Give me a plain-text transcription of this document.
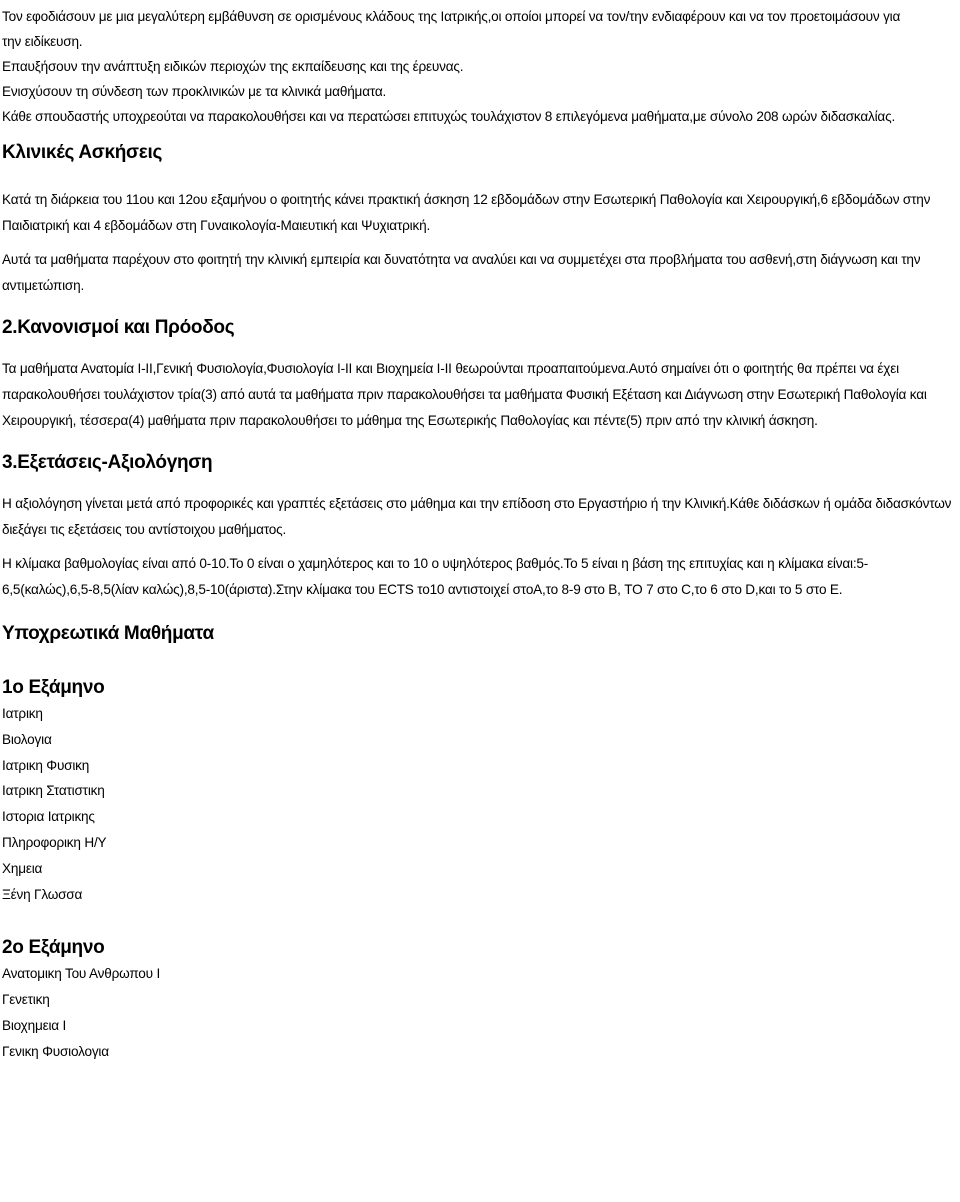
Τον εφοδιάσουν με μια μεγαλύτερη εμβάθυνση σε ορισμένους κλάδους της Ιατρικής,οι οποίοι μπορεί να τον/την ενδιαφέρουν και να τον προετοιμάσουν για
την ειδίκευση.
Επαυξήσουν την ανάπτυξη ειδικών περιοχών της εκπαίδευσης και της έρευνας.
Ενισχύσουν τη σύνδεση των προκλινικών με τα κλινικά μαθήματα.
Κάθε σπουδαστής υποχρεούται να παρακολουθήσει και να περατώσει επιτυχώς τουλάχιστον 8 επιλεγόμενα μαθήματα,με σύνολο 208 ωρών διδασκαλίας.
Κλινικές Ασκήσεις

Κατά τη διάρκεια του 11ου και 12ου εξαμήνου ο φοιτητής κάνει πρακτική άσκηση 12 εβδομάδων στην Εσωτερική Παθολογία και Χειρουργική,6 εβδομάδων στην Παιδιατρική και 4 εβδομάδων στη Γυναικολογία-Μαιευτική και Ψυχιατρική.

Αυτά τα μαθήματα παρέχουν στο φοιτητή την κλινική εμπειρία και δυνατότητα να αναλύει και να συμμετέχει στα προβλήματα του ασθενή,στη διάγνωση και την αντιμετώπιση.

2.Κανονισμοί και Πρόοδος

Τα μαθήματα Ανατομία I-II,Γενική Φυσιολογία,Φυσιολογία I-II και Βιοχημεία I-II θεωρούνται προαπαιτούμενα.Αυτό σημαίνει ότι ο φοιτητής θα πρέπει να έχει παρακολουθήσει τουλάχιστον τρία(3) από αυτά τα μαθήματα πριν παρακολουθήσει τα μαθήματα Φυσική Εξέταση και Διάγνωση στην Εσωτερική Παθολογία και Χειρουργική, τέσσερα(4) μαθήματα πριν παρακολουθήσει το μάθημα της Εσωτερικής Παθολογίας και πέντε(5) πριν από την κλινική άσκηση.

3.Εξετάσεις-Αξιολόγηση

Η αξιολόγηση γίνεται μετά από προφορικές και γραπτές εξετάσεις στο μάθημα και την επίδοση στο Εργαστήριο ή την Κλινική.Κάθε διδάσκων ή ομάδα διδασκόντων διεξάγει τις εξετάσεις του αντίστοιχου μαθήματος.

Η κλίμακα βαθμολογίας είναι από 0-10.Το 0 είναι ο χαμηλότερος και το 10 ο υψηλότερος βαθμός.Το 5 είναι η βάση της επιτυχίας και η κλίμακα είναι:5-6,5(καλώς),6,5-8,5(λίαν καλώς),8,5-10(άριστα).Στην κλίμακα του ECTS το10 αντιστοιχεί στοA,το 8-9 στο B, ΤΟ 7 στο C,το 6 στο D,και το 5 στο E.

Υποχρεωτικά Μαθήματα
1ο Εξάμηνο
Ιατρικη
Βιολογια
Ιατρικη Φυσικη
Ιατρικη Στατιστικη
Ιστορια Ιατρικης
Πληροφορικη Η/Υ
Χημεια
Ξένη Γλωσσα
2ο Εξάμηνο
Ανατομικη Του Ανθρωπου Ι
Γενετικη
Βιοχημεια Ι
Γενικη Φυσιολογια
